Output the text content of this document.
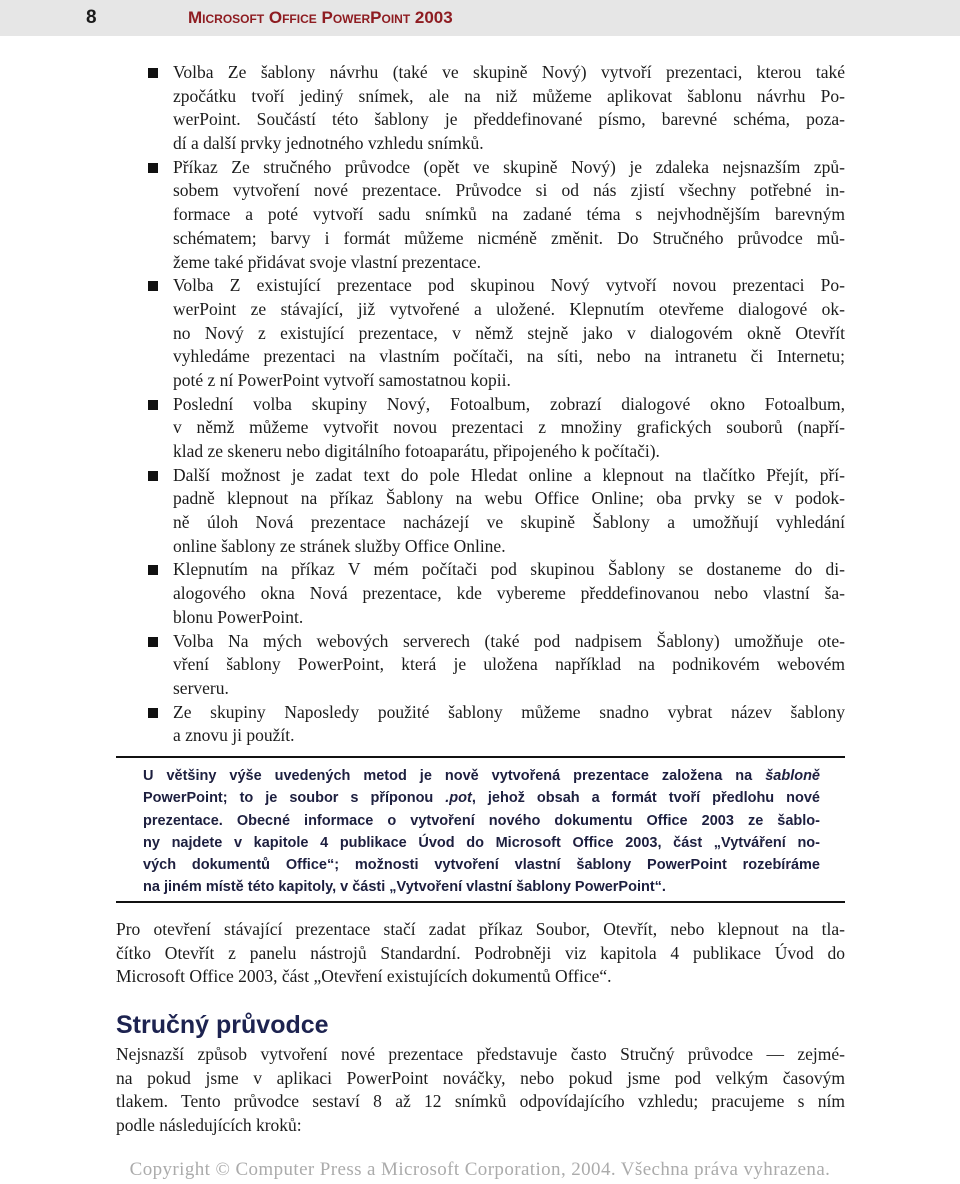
8	Microsoft Office PowerPoint 2003
Volba Ze šablony návrhu (také ve skupině Nový) vytvoří prezentaci, kterou také
zpočátku tvoří jediný snímek, ale na niž můžeme aplikovat šablonu návrhu Po-
werPoint. Součástí této šablony je předdefinované písmo, barevné schéma, poza-
dí a další prvky jednotného vzhledu snímků.
Příkaz Ze stručného průvodce (opět ve skupině Nový) je zdaleka nejsnazším způ-
sobem vytvoření nové prezentace. Průvodce si od nás zjistí všechny potřebné in-
formace a poté vytvoří sadu snímků na zadané téma s nejvhodnějším barevným
schématem; barvy i formát můžeme nicméně změnit. Do Stručného průvodce mů-
žeme také přidávat svoje vlastní prezentace.
Volba Z existující prezentace pod skupinou Nový vytvoří novou prezentaci Po-
werPoint ze stávající, již vytvořené a uložené. Klepnutím otevřeme dialogové ok-
no Nový z existující prezentace, v němž stejně jako v dialogovém okně Otevřít
vyhledáme prezentaci na vlastním počítači, na síti, nebo na intranetu či Internetu;
poté z ní PowerPoint vytvoří samostatnou kopii.
Poslední volba skupiny Nový, Fotoalbum, zobrazí dialogové okno Fotoalbum,
v němž můžeme vytvořit novou prezentaci z množiny grafických souborů (napří-
klad ze skeneru nebo digitálního fotoaparátu, připojeného k počítači).
Další možnost je zadat text do pole Hledat online a klepnout na tlačítko Přejít, pří-
padně klepnout na příkaz Šablony na webu Office Online; oba prvky se v podok-
ně úloh Nová prezentace nacházejí ve skupině Šablony a umožňují vyhledání
online šablony ze stránek služby Office Online.
Klepnutím na příkaz V mém počítači pod skupinou Šablony se dostaneme do di-
alogového okna Nová prezentace, kde vybereme předdefinovanou nebo vlastní ša-
blonu PowerPoint.
Volba Na mých webových serverech (také pod nadpisem Šablony) umožňuje ote-
vření šablony PowerPoint, která je uložena například na podnikovém webovém
serveru.
Ze skupiny Naposledy použité šablony můžeme snadno vybrat název šablony
a znovu ji použít.
U většiny výše uvedených metod je nově vytvořená prezentace založena na šabloně
PowerPoint; to je soubor s příponou .pot, jehož obsah a formát tvoří předlohu nové
prezentace. Obecné informace o vytvoření nového dokumentu Office 2003 ze šablo-
ny najdete v kapitole 4 publikace Úvod do Microsoft Office 2003, část „Vytváření no-
vých dokumentů Office“; možnosti vytvoření vlastní šablony PowerPoint rozebíráme
na jiném místě této kapitoly, v části „Vytvoření vlastní šablony PowerPoint“.
Pro otevření stávající prezentace stačí zadat příkaz Soubor, Otevřít, nebo klepnout na tla-
čítko Otevřít z panelu nástrojů Standardní. Podrobněji viz kapitola 4 publikace Úvod do
Microsoft Office 2003, část „Otevření existujících dokumentů Office“.
Stručný průvodce
Nejsnazší způsob vytvoření nové prezentace představuje často Stručný průvodce — zejmé-
na pokud jsme v aplikaci PowerPoint nováčky, nebo pokud jsme pod velkým časovým
tlakem. Tento průvodce sestaví 8 až 12 snímků odpovídajícího vzhledu; pracujeme s ním
podle následujících kroků:
Copyright © Computer Press a Microsoft Corporation, 2004. Všechna práva vyhrazena.
